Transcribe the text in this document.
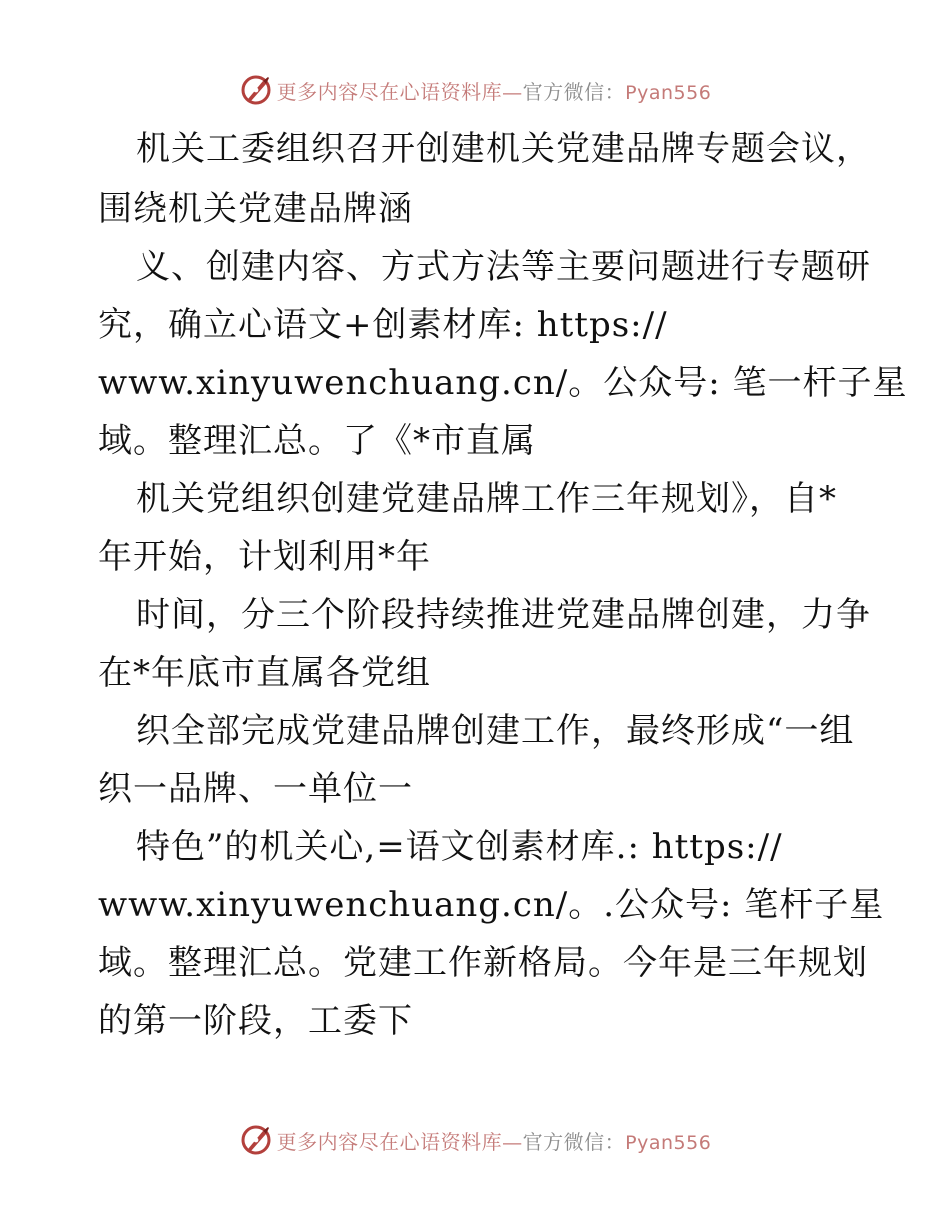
更多内容尽在心语资料库—官方微信：Pyan556
机关工委组织召开创建机关党建品牌专题会议，
围绕机关党建品牌涵
义、创建内容、方式方法等主要问题进行专题研
究，确立心语文+创素材库: https://
www.xinyuwenchuang.cn/。公众号: 笔一杆子星
域。整理汇总。了《*市直属
机关党组织创建党建品牌工作三年规划》，自*
年开始，计划利用*年
时间，分三个阶段持续推进党建品牌创建，力争
在*年底市直属各党组
织全部完成党建品牌创建工作，最终形成“一组
织一品牌、一单位一
特色”的机关心,=语文创素材库.: https://
www.xinyuwenchuang.cn/。.公众号: 笔杆子星
域。整理汇总。党建工作新格局。今年是三年规划
的第一阶段，工委下
更多内容尽在心语资料库—官方微信：Pyan556
